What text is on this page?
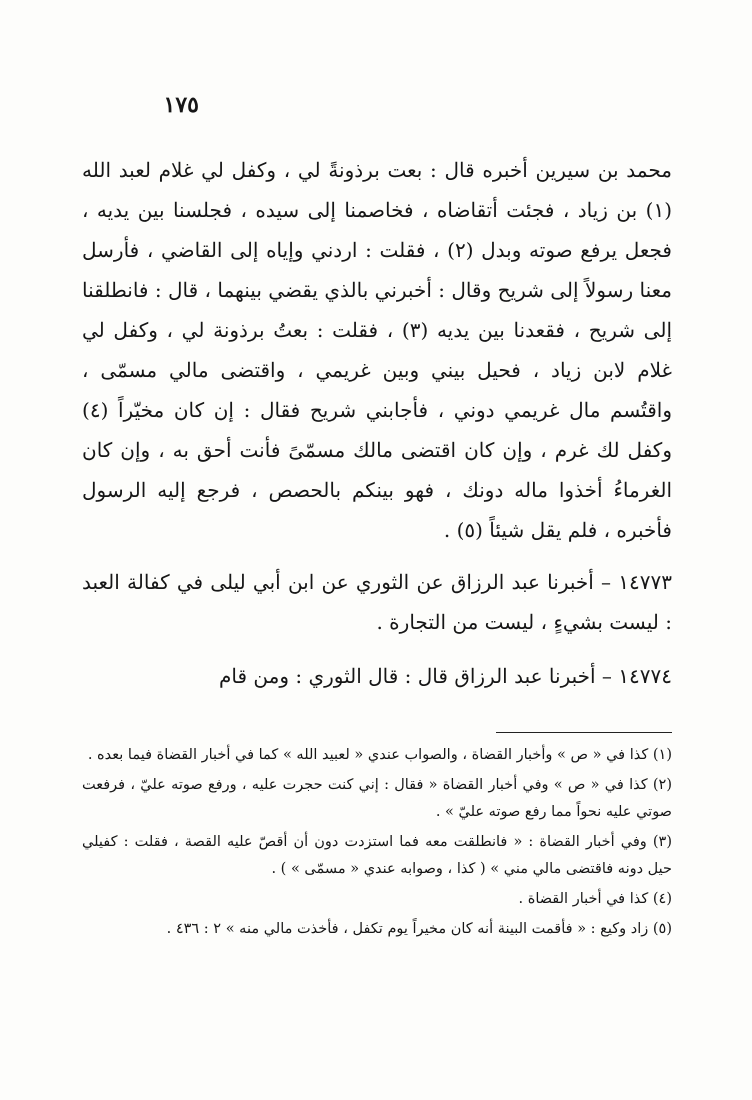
١٧٥

محمد بن سيرين أخبره قال : بعت برذونةً لي ، وكفل لي غلام لعبد الله (١) بن زياد ، فجئت أتقاضاه ، فخاصمنا إلى سيده ، فجلسنا بين يديه ، فجعل يرفع صوته وبدل (٢) ، فقلت : اردني وإياه إلى القاضي ، فأرسل معنا رسولاً إلى شريح وقال : أخبرني بالذي يقضي بينهما ، قال : فانطلقنا إلى شريح ، فقعدنا بين يديه (٣) ، فقلت : بعتُ برذونة لي ، وكفل لي غلام لابن زياد ، فحيل بيني وبين غريمي ، واقتضى مالي مسمّى ، واقتُسم مال غريمي دوني ، فأجابني شريح فقال : إن كان مخيّراً (٤) وكفل لك غرم ، وإن كان اقتضى مالك مسمّىً فأنت أحق به ، وإن كان الغرماءُ أخذوا ماله دونك ، فهو بينكم بالحصص ، فرجع إليه الرسول فأخبره ، فلم يقل شيئاً (٥) .

١٤٧٧٣ – أخبرنا عبد الرزاق عن الثوري عن ابن أبي ليلى في كفالة العبد : ليست بشيءٍ ، ليست من التجارة .

١٤٧٧٤ – أخبرنا عبد الرزاق قال : قال الثوري : ومن قام

(١) كذا في « ص » وأخبار القضاة ، والصواب عندي « لعبيد الله » كما في أخبار القضاة فيما بعده .

(٢) كذا في « ص » وفي أخبار القضاة « فقال : إني كنت حجرت عليه ، ورفع صوته عليّ ، فرفعت صوتي عليه نحواً مما رفع صوته عليّ » .

(٣) وفي أخبار القضاة : « فانطلقت معه فما استزدت دون أن أقصّ عليه القصة ، فقلت : كفيلي حيل دونه فاقتضى مالي مني » ( كذا ، وصوابه عندي « مسمّى » ) .

(٤) كذا في أخبار القضاة .

(٥) زاد وكيع : « فأقمت البينة أنه كان مخيراً يوم تكفل ، فأخذت مالي منه » ٢ : ٤٣٦ .
